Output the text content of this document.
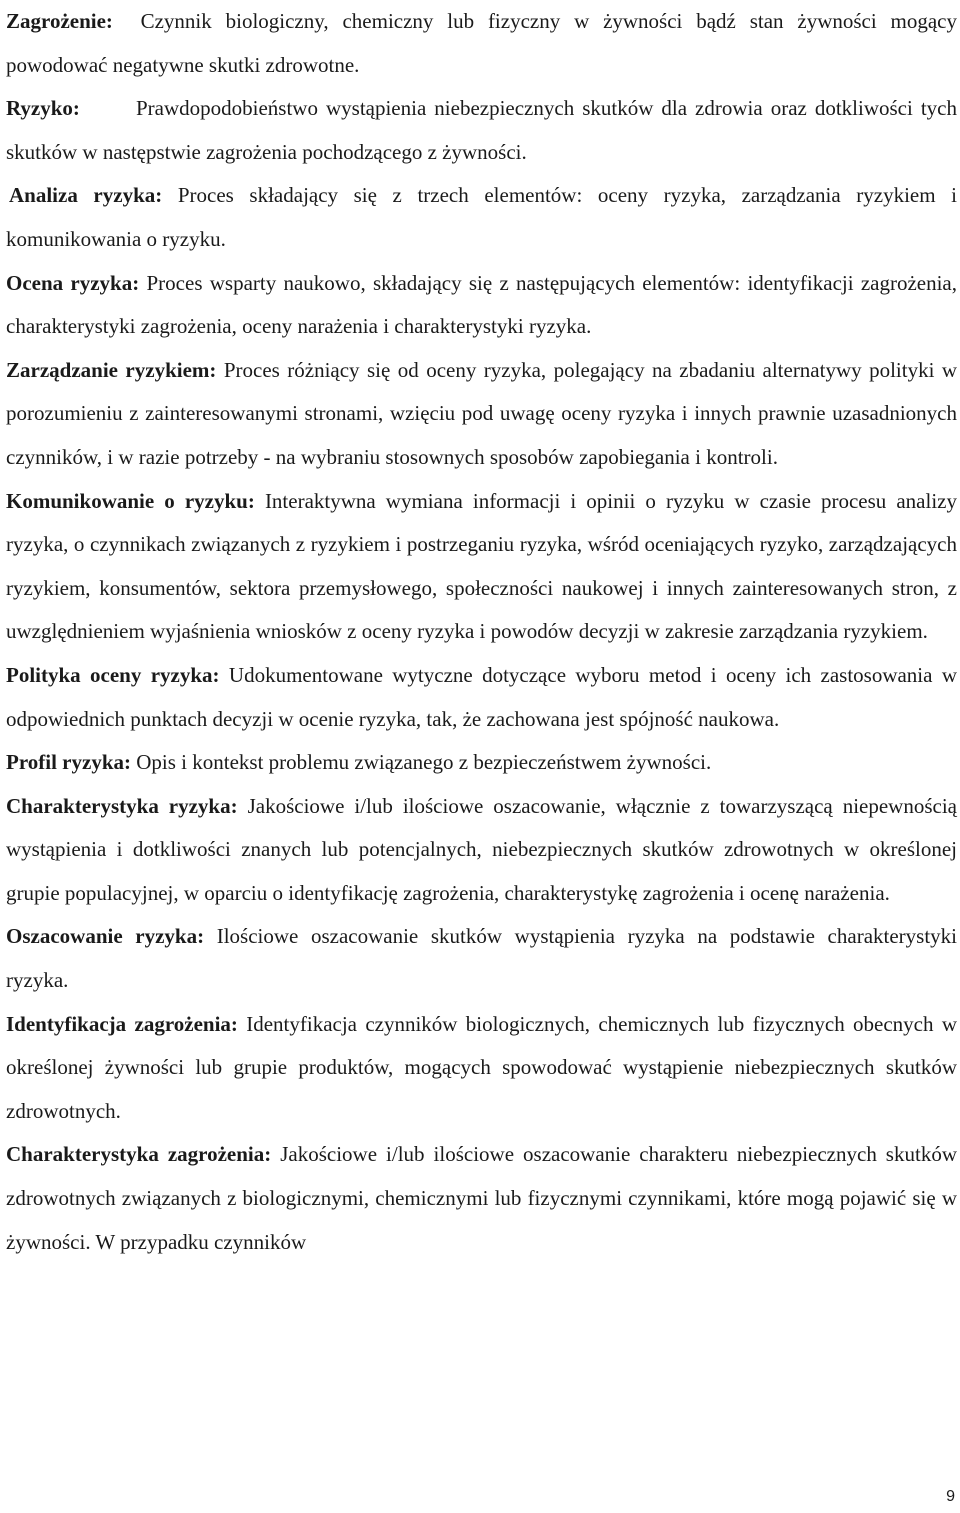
Zagrożenie: Czynnik biologiczny, chemiczny lub fizyczny w żywności bądź stan żywności mogący powodować negatywne skutki zdrowotne.

Ryzyko:	Prawdopodobieństwo wystąpienia niebezpiecznych skutków dla zdrowia oraz dotkliwości tych skutków w następstwie zagrożenia pochodzącego z żywności.

Analiza ryzyka: Proces składający się z trzech elementów: oceny ryzyka, zarządzania ryzykiem i komunikowania o ryzyku.

Ocena ryzyka: Proces wsparty naukowo, składający się z następujących elementów: identyfikacji zagrożenia, charakterystyki zagrożenia, oceny narażenia i charakterystyki ryzyka.

Zarządzanie ryzykiem: Proces różniący się od oceny ryzyka, polegający na zbadaniu alternatywy polityki w porozumieniu z zainteresowanymi stronami, wzięciu pod uwagę oceny ryzyka i innych prawnie uzasadnionych czynników, i w razie potrzeby - na wybraniu stosownych sposobów zapobiegania i kontroli.

Komunikowanie o ryzyku: Interaktywna wymiana informacji i opinii o ryzyku w czasie procesu analizy ryzyka, o czynnikach związanych z ryzykiem i postrzeganiu ryzyka, wśród oceniających ryzyko, zarządzających ryzykiem, konsumentów, sektora przemysłowego, społeczności naukowej i innych zainteresowanych stron, z uwzględnieniem wyjaśnienia wniosków z oceny ryzyka i powodów decyzji w zakresie zarządzania ryzykiem.

Polityka oceny ryzyka: Udokumentowane wytyczne dotyczące wyboru metod i oceny ich zastosowania w odpowiednich punktach decyzji w ocenie ryzyka, tak, że zachowana jest spójność naukowa.

Profil ryzyka: Opis i kontekst problemu związanego z bezpieczeństwem żywności.

Charakterystyka ryzyka: Jakościowe i/lub ilościowe oszacowanie, włącznie z towarzyszącą niepewnością wystąpienia i dotkliwości znanych lub potencjalnych, niebezpiecznych skutków zdrowotnych w określonej grupie populacyjnej, w oparciu o identyfikację zagrożenia, charakterystykę zagrożenia i ocenę narażenia.

Oszacowanie ryzyka: Ilościowe oszacowanie skutków wystąpienia ryzyka na podstawie charakterystyki ryzyka.

Identyfikacja zagrożenia: Identyfikacja czynników biologicznych, chemicznych lub fizycznych obecnych w określonej żywności lub grupie produktów, mogących spowodować wystąpienie niebezpiecznych skutków zdrowotnych.

Charakterystyka zagrożenia: Jakościowe i/lub ilościowe oszacowanie charakteru niebezpiecznych skutków zdrowotnych związanych z biologicznymi, chemicznymi lub fizycznymi czynnikami, które mogą pojawić się w żywności. W przypadku czynników

9
